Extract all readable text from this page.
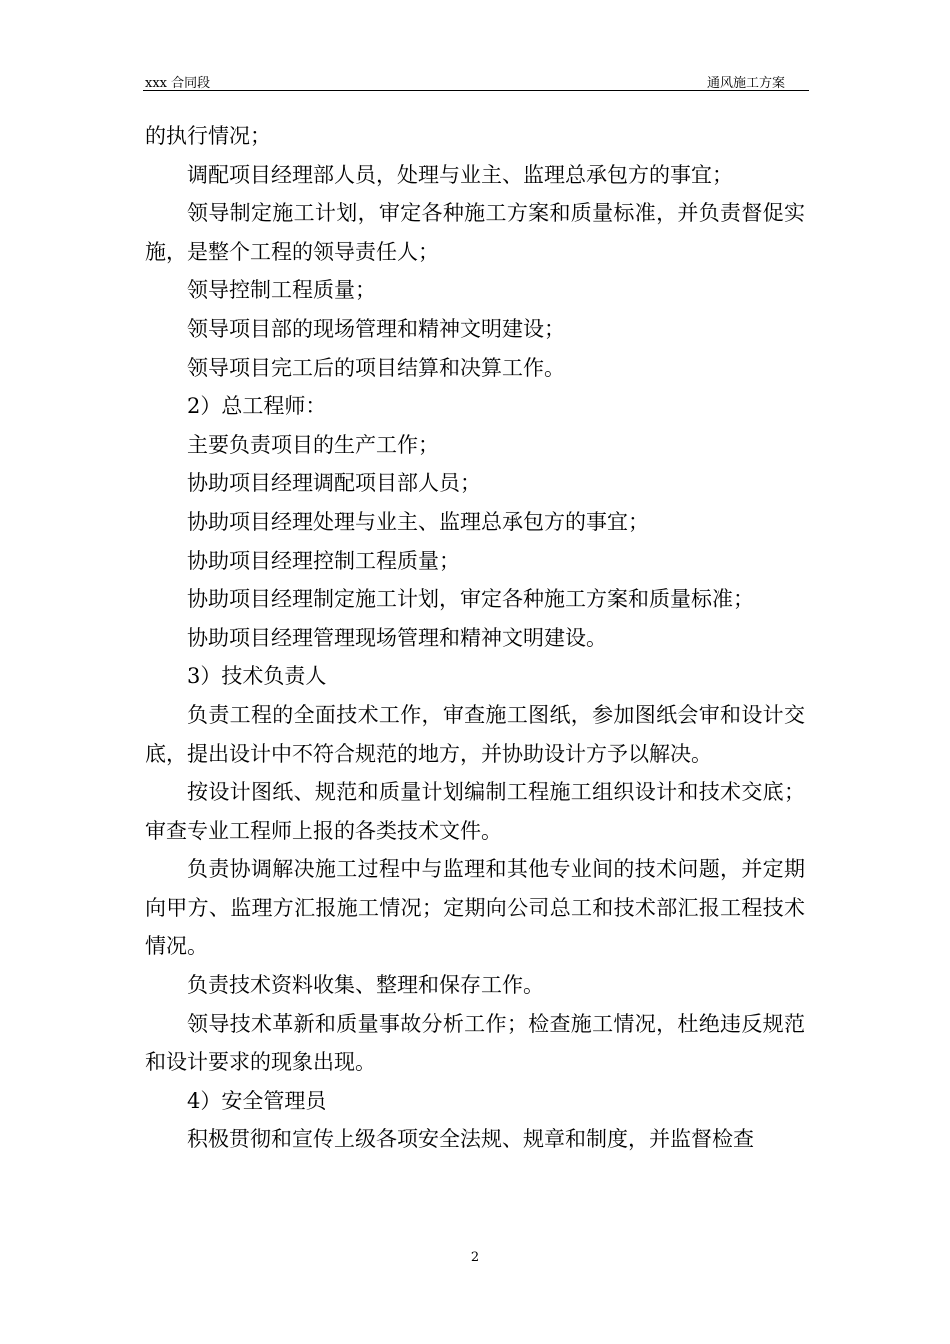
xxx 合同段	通风施工方案

的执行情况；

调配项目经理部人员，处理与业主、监理总承包方的事宜；

领导制定施工计划，审定各种施工方案和质量标准，并负责督促实施，是整个工程的领导责任人；

领导控制工程质量；

领导项目部的现场管理和精神文明建设；

领导项目完工后的项目结算和决算工作。

2）总工程师：

主要负责项目的生产工作；

协助项目经理调配项目部人员；

协助项目经理处理与业主、监理总承包方的事宜；

协助项目经理控制工程质量；

协助项目经理制定施工计划，审定各种施工方案和质量标准；

协助项目经理管理现场管理和精神文明建设。

3）技术负责人

负责工程的全面技术工作，审查施工图纸，参加图纸会审和设计交底，提出设计中不符合规范的地方，并协助设计方予以解决。

按设计图纸、规范和质量计划编制工程施工组织设计和技术交底；审查专业工程师上报的各类技术文件。

负责协调解决施工过程中与监理和其他专业间的技术问题，并定期向甲方、监理方汇报施工情况；定期向公司总工和技术部汇报工程技术情况。

负责技术资料收集、整理和保存工作。

领导技术革新和质量事故分析工作；检查施工情况，杜绝违反规范和设计要求的现象出现。

4）安全管理员

积极贯彻和宣传上级各项安全法规、规章和制度，并监督检查

2
